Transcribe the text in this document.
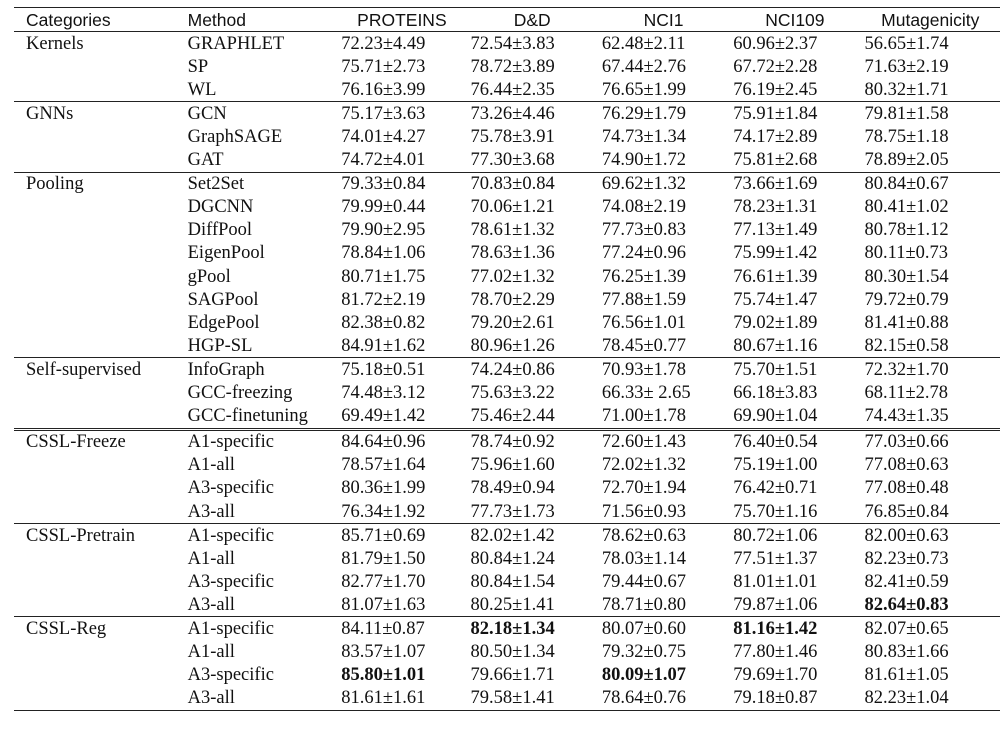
Categories	Method	PROTEINS	D&D	NCI1	NCI109	Mutagenicity
Kernels	GRAPHLET	72.23±4.49	72.54±3.83	62.48±2.11	60.96±2.37	56.65±1.74
	SP	75.71±2.73	78.72±3.89	67.44±2.76	67.72±2.28	71.63±2.19
	WL	76.16±3.99	76.44±2.35	76.65±1.99	76.19±2.45	80.32±1.71
GNNs	GCN	75.17±3.63	73.26±4.46	76.29±1.79	75.91±1.84	79.81±1.58
	GraphSAGE	74.01±4.27	75.78±3.91	74.73±1.34	74.17±2.89	78.75±1.18
	GAT	74.72±4.01	77.30±3.68	74.90±1.72	75.81±2.68	78.89±2.05
Pooling	Set2Set	79.33±0.84	70.83±0.84	69.62±1.32	73.66±1.69	80.84±0.67
	DGCNN	79.99±0.44	70.06±1.21	74.08±2.19	78.23±1.31	80.41±1.02
	DiffPool	79.90±2.95	78.61±1.32	77.73±0.83	77.13±1.49	80.78±1.12
	EigenPool	78.84±1.06	78.63±1.36	77.24±0.96	75.99±1.42	80.11±0.73
	gPool	80.71±1.75	77.02±1.32	76.25±1.39	76.61±1.39	80.30±1.54
	SAGPool	81.72±2.19	78.70±2.29	77.88±1.59	75.74±1.47	79.72±0.79
	EdgePool	82.38±0.82	79.20±2.61	76.56±1.01	79.02±1.89	81.41±0.88
	HGP-SL	84.91±1.62	80.96±1.26	78.45±0.77	80.67±1.16	82.15±0.58
Self-supervised	InfoGraph	75.18±0.51	74.24±0.86	70.93±1.78	75.70±1.51	72.32±1.70
	GCC-freezing	74.48±3.12	75.63±3.22	66.33± 2.65	66.18±3.83	68.11±2.78
	GCC-finetuning	69.49±1.42	75.46±2.44	71.00±1.78	69.90±1.04	74.43±1.35
CSSL-Freeze	A1-specific	84.64±0.96	78.74±0.92	72.60±1.43	76.40±0.54	77.03±0.66
	A1-all	78.57±1.64	75.96±1.60	72.02±1.32	75.19±1.00	77.08±0.63
	A3-specific	80.36±1.99	78.49±0.94	72.70±1.94	76.42±0.71	77.08±0.48
	A3-all	76.34±1.92	77.73±1.73	71.56±0.93	75.70±1.16	76.85±0.84
CSSL-Pretrain	A1-specific	85.71±0.69	82.02±1.42	78.62±0.63	80.72±1.06	82.00±0.63
	A1-all	81.79±1.50	80.84±1.24	78.03±1.14	77.51±1.37	82.23±0.73
	A3-specific	82.77±1.70	80.84±1.54	79.44±0.67	81.01±1.01	82.41±0.59
	A3-all	81.07±1.63	80.25±1.41	78.71±0.80	79.87±1.06	82.64±0.83
CSSL-Reg	A1-specific	84.11±0.87	82.18±1.34	80.07±0.60	81.16±1.42	82.07±0.65
	A1-all	83.57±1.07	80.50±1.34	79.32±0.75	77.80±1.46	80.83±1.66
	A3-specific	85.80±1.01	79.66±1.71	80.09±1.07	79.69±1.70	81.61±1.05
	A3-all	81.61±1.61	79.58±1.41	78.64±0.76	79.18±0.87	82.23±1.04
